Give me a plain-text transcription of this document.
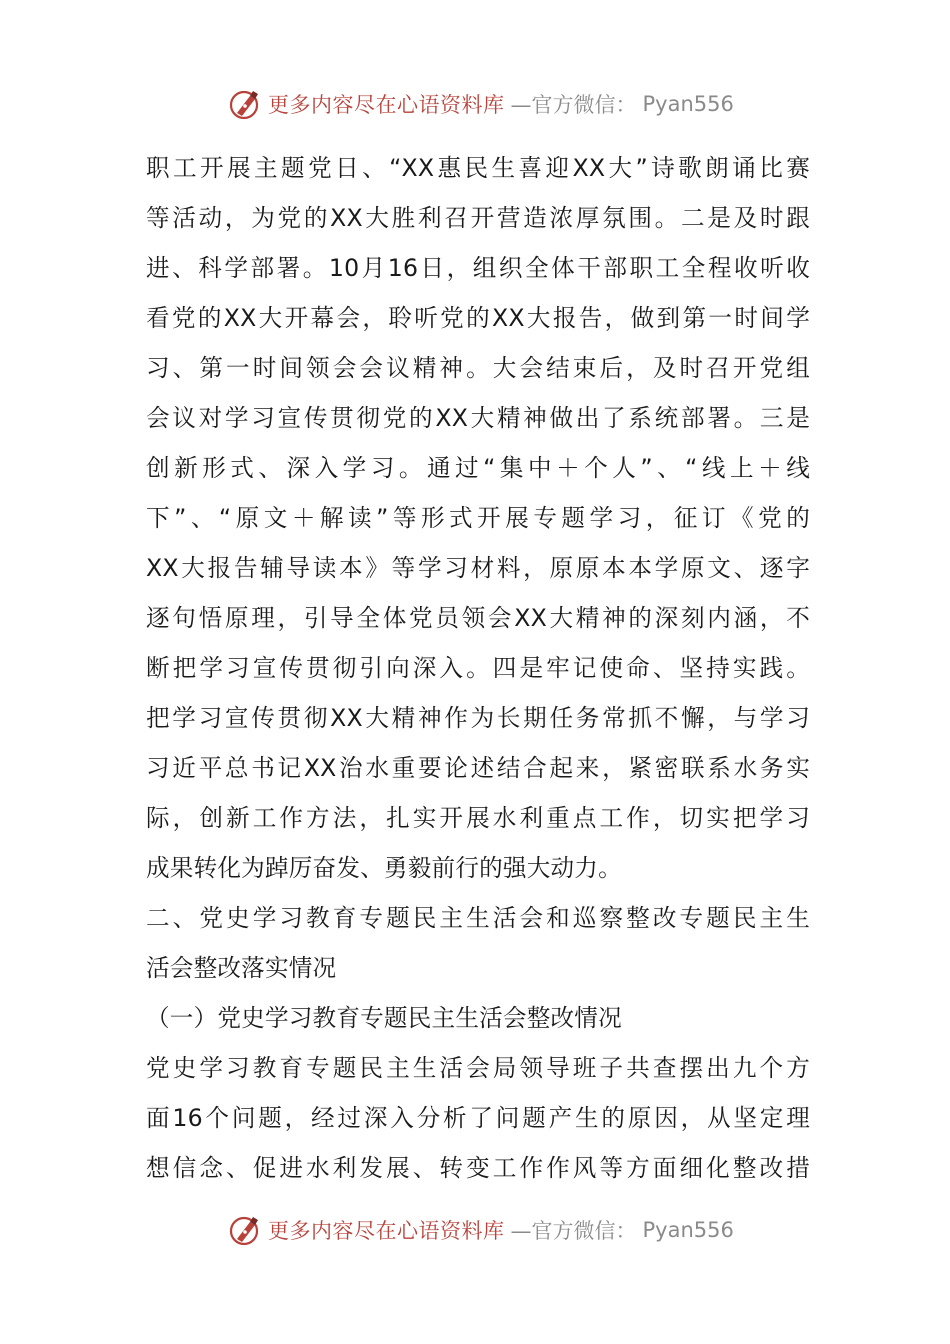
更多内容尽在心语资料库 —官方微信： Pyan556
职工开展主题党日、“XX惠民生喜迎XX大”诗歌朗诵比赛
等活动，为党的XX大胜利召开营造浓厚氛围。二是及时跟
进、科学部署。10月16日，组织全体干部职工全程收听收
看党的XX大开幕会，聆听党的XX大报告，做到第一时间学
习、第一时间领会会议精神。大会结束后，及时召开党组
会议对学习宣传贯彻党的XX大精神做出了系统部署。三是
创新形式、深入学习。通过“集中＋个人”、“线上＋线
下”、“原文＋解读”等形式开展专题学习，征订《党的
XX大报告辅导读本》等学习材料，原原本本学原文、逐字
逐句悟原理，引导全体党员领会XX大精神的深刻内涵，不
断把学习宣传贯彻引向深入。四是牢记使命、坚持实践。
把学习宣传贯彻XX大精神作为长期任务常抓不懈，与学习
习近平总书记XX治水重要论述结合起来，紧密联系水务实
际，创新工作方法，扎实开展水利重点工作，切实把学习
成果转化为踔厉奋发、勇毅前行的强大动力。
二、党史学习教育专题民主生活会和巡察整改专题民主生
活会整改落实情况
（一）党史学习教育专题民主生活会整改情况
党史学习教育专题民主生活会局领导班子共查摆出九个方
面16个问题，经过深入分析了问题产生的原因，从坚定理
想信念、促进水利发展、转变工作作风等方面细化整改措
更多内容尽在心语资料库 —官方微信： Pyan556
